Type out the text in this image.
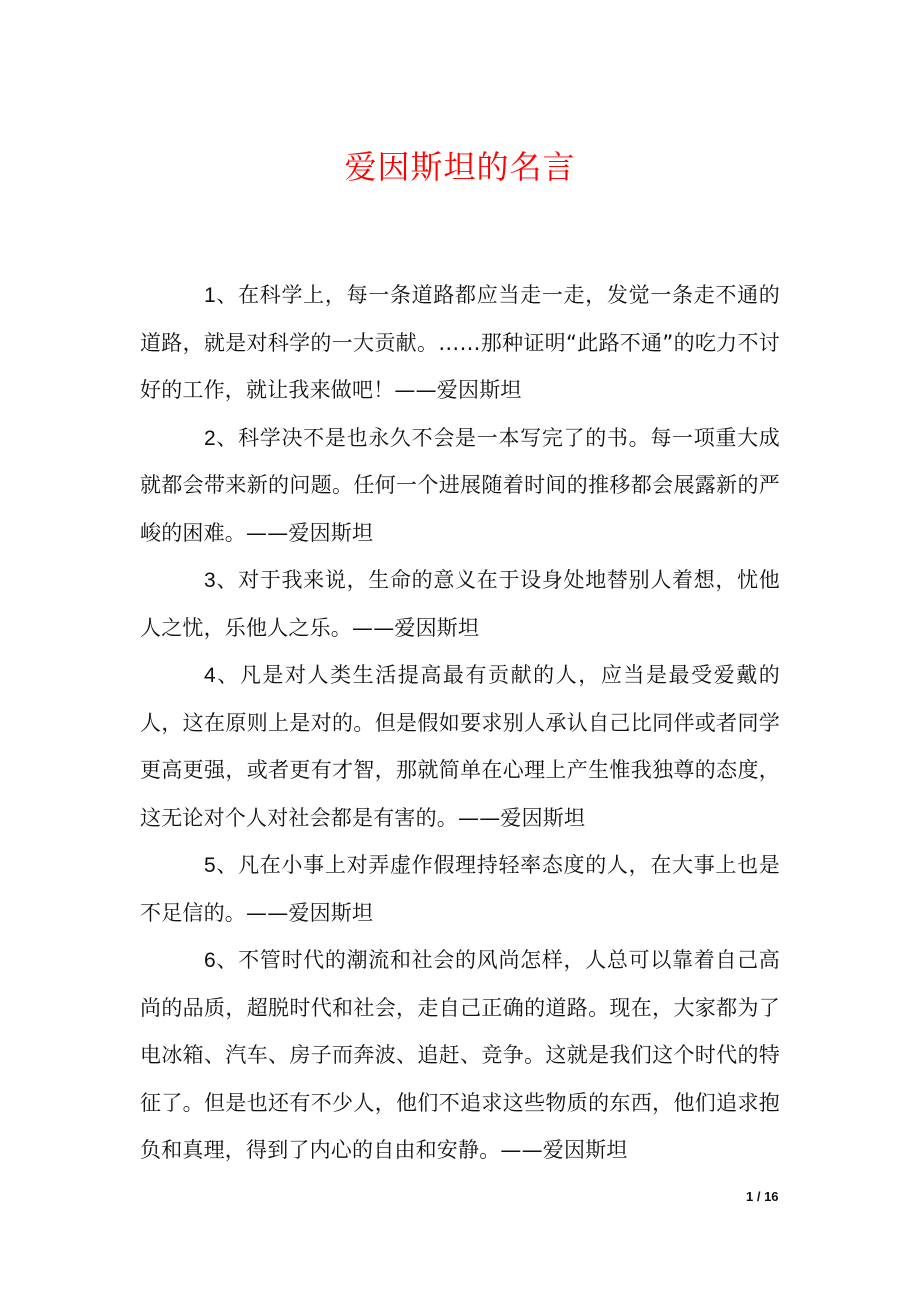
爱因斯坦的名言

1、在科学上，每一条道路都应当走一走，发觉一条走不通的道路，就是对科学的一大贡献。……那种证明“此路不通”的吃力不讨好的工作，就让我来做吧！——爱因斯坦

2、科学决不是也永久不会是一本写完了的书。每一项重大成就都会带来新的问题。任何一个进展随着时间的推移都会展露新的严峻的困难。——爱因斯坦

3、对于我来说，生命的意义在于设身处地替别人着想，忧他人之忧，乐他人之乐。——爱因斯坦

4、凡是对人类生活提高最有贡献的人，应当是最受爱戴的人，这在原则上是对的。但是假如要求别人承认自己比同伴或者同学更高更强，或者更有才智，那就简单在心理上产生惟我独尊的态度，这无论对个人对社会都是有害的。——爱因斯坦

5、凡在小事上对弄虚作假理持轻率态度的人，在大事上也是不足信的。——爱因斯坦

6、不管时代的潮流和社会的风尚怎样，人总可以靠着自己高尚的品质，超脱时代和社会，走自己正确的道路。现在，大家都为了电冰箱、汽车、房子而奔波、追赶、竞争。这就是我们这个时代的特征了。但是也还有不少人，他们不追求这些物质的东西，他们追求抱负和真理，得到了内心的自由和安静。——爱因斯坦

1 / 16
